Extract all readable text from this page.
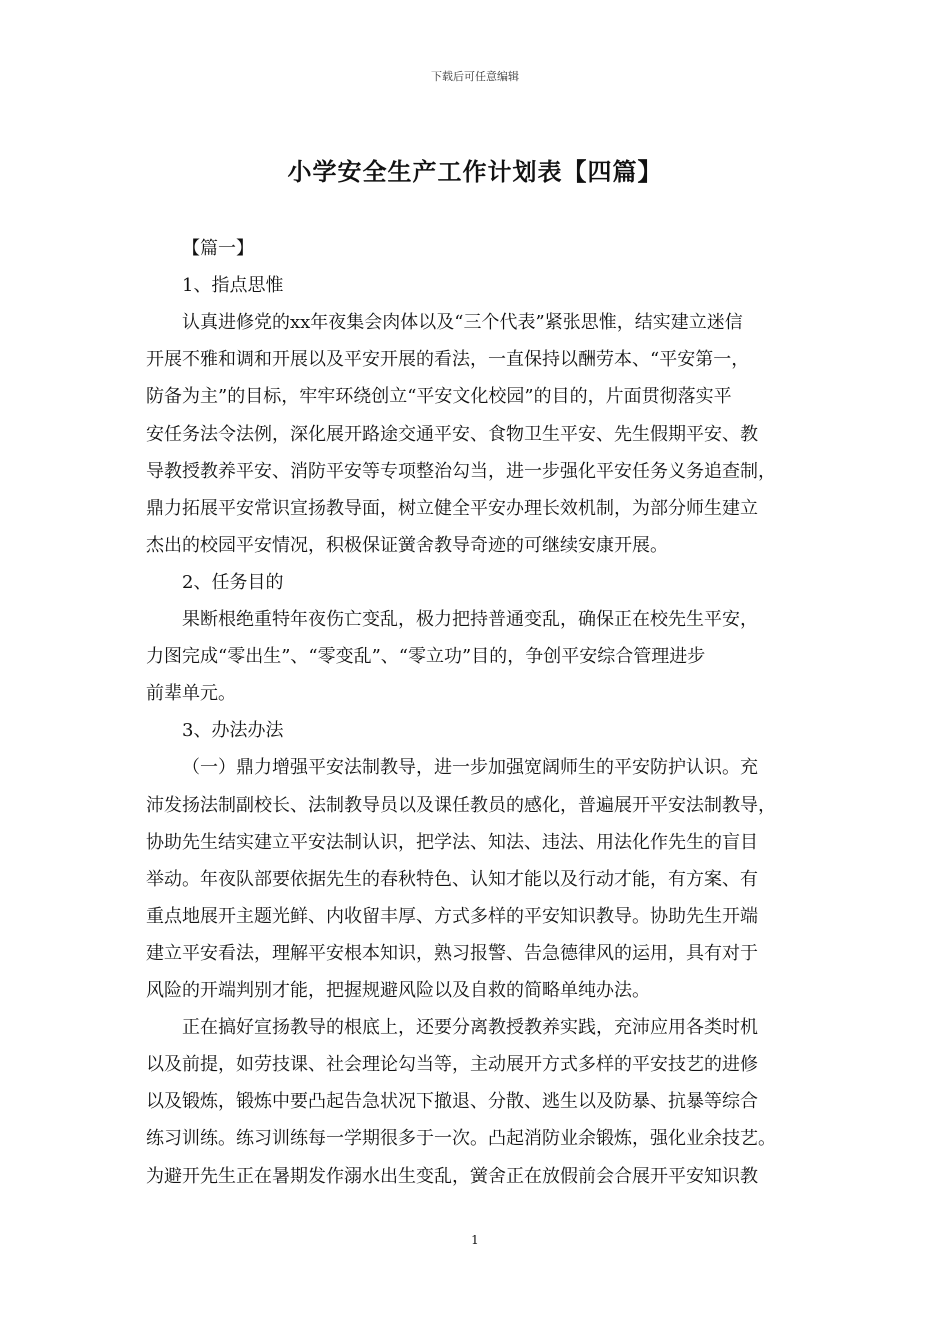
下载后可任意编辑
小学安全生产工作计划表【四篇】
【篇一】
1、指点思惟
认真进修党的xx年夜集会肉体以及“三个代表”紧张思惟，结实建立迷信
开展不雅和调和开展以及平安开展的看法，一直保持以酬劳本、“平安第一，
防备为主”的目标，牢牢环绕创立“平安文化校园”的目的，片面贯彻落实平
安任务法令法例，深化展开路途交通平安、食物卫生平安、先生假期平安、教
导教授教养平安、消防平安等专项整治勾当，进一步强化平安任务义务追查制，
鼎力拓展平安常识宣扬教导面，树立健全平安办理长效机制，为部分师生建立
杰出的校园平安情况，积极保证黉舍教导奇迹的可继续安康开展。
2、任务目的
果断根绝重特年夜伤亡变乱，极力把持普通变乱，确保正在校先生平安，
力图完成“零出生”、“零变乱”、“零立功”目的，争创平安综合管理进步
前辈单元。
3、办法办法
（一）鼎力增强平安法制教导，进一步加强宽阔师生的平安防护认识。充
沛发扬法制副校长、法制教导员以及课任教员的感化，普遍展开平安法制教导，
协助先生结实建立平安法制认识，把学法、知法、违法、用法化作先生的盲目
举动。年夜队部要依据先生的春秋特色、认知才能以及行动才能，有方案、有
重点地展开主题光鲜、内收留丰厚、方式多样的平安知识教导。协助先生开端
建立平安看法，理解平安根本知识，熟习报警、告急德律风的运用，具有对于
风险的开端判别才能，把握规避风险以及自救的简略单纯办法。
正在搞好宣扬教导的根底上，还要分离教授教养实践，充沛应用各类时机
以及前提，如劳技课、社会理论勾当等，主动展开方式多样的平安技艺的进修
以及锻炼，锻炼中要凸起告急状况下撤退、分散、逃生以及防暴、抗暴等综合
练习训练。练习训练每一学期很多于一次。凸起消防业余锻炼，强化业余技艺。
为避开先生正在暑期发作溺水出生变乱，黉舍正在放假前会合展开平安知识教
1
